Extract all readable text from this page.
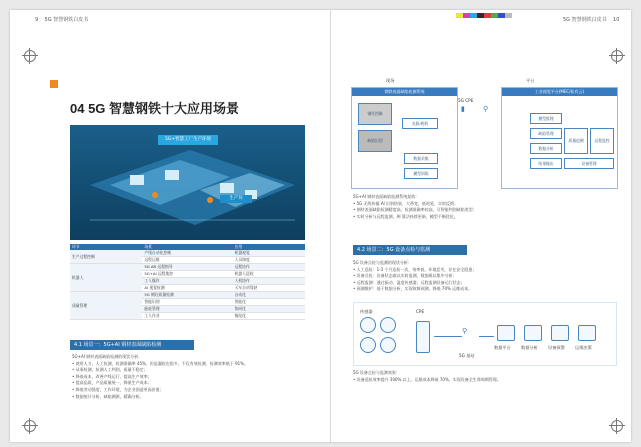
9 5G 智慧钢铁白皮书
04 5G 智慧钢铁十大应用场景
5G+智慧工厂生产环境
生产环
环节	场景	应用
生产过程控制	产线自动化控制	机器视觉
	远程运维	人员调度
机器人	5G AR 远程指导	远程协作
	5G+AI 远程集控	机器人巡检
	工人操作	人机协作
	AI 视觉检测	天车自动驾驶
质量管理	5G 钢坯质量检测	自动化
	智能识别	智能化
	能耗管理	协同化
	工人作业	指纹化
4.1 场景一：5G+AI 钢材表面缺陷检测
5G+AI 钢材表面缺陷检测的现状分析：
• 使用人力、人工检测，检测准确率 45%，但是漏检也很多，不仅有效检测，检测效率低于 91%。
• 从事检测，检测人工判别，质量不稳定；
• 降低成本，改善产线运行，提高生产效率；
• 提高品质，产品质量统一，降低生产成本；
• 降低劳动强度，工作环境，为企业创造更高价值；
• 数据统计分析，缺陷溯源，精确分析。
5G 智慧钢铁白皮书 10
现场	平台
钢铁表面缺陷检测系统
钢坯图像
缺陷识别
光源/相机
数据采集
模型训练
▮
5G CPE
⚲
工业视觉平台(MEC/私有云)
模型推理
缺陷管理
数据分析
质量追溯	远程监控
结果输出	设备管理
5G+AI 钢材表面缺陷检测系统架构：
• 5G 无线传输 AI 识别结果，大带宽，低时延，实时反馈；
• 钢材表面缺陷检测精度高，检测准确率较高，可智能判别缺陷类型；
• 实时分析与远程监测，AI 算法持续更新，模型不断优化。
4.2 场景二：5G 设备点检与监测
5G 设备点检与监测的现状分析：
• 人工巡检：1-3 个月巡检一次，效率低，环境恶劣，存在安全隐患；
• 设备点检：设备状态难以实时监测，数据难以集中分析；
• 远程监测：通过振动、温度传感器，远程监测设备运行状态；
• 预测维护：基于数据分析，实现故障预测，降低 70% 运维成本。
传感器	CPE
⚲
5G 基站
数据平台 数据分析 设备预警 运维决策
5G 设备点检与监测效果：
• 设备巡检效率提升 300% 以上，运维成本降低 70%，实现设备全生命周期管理。
